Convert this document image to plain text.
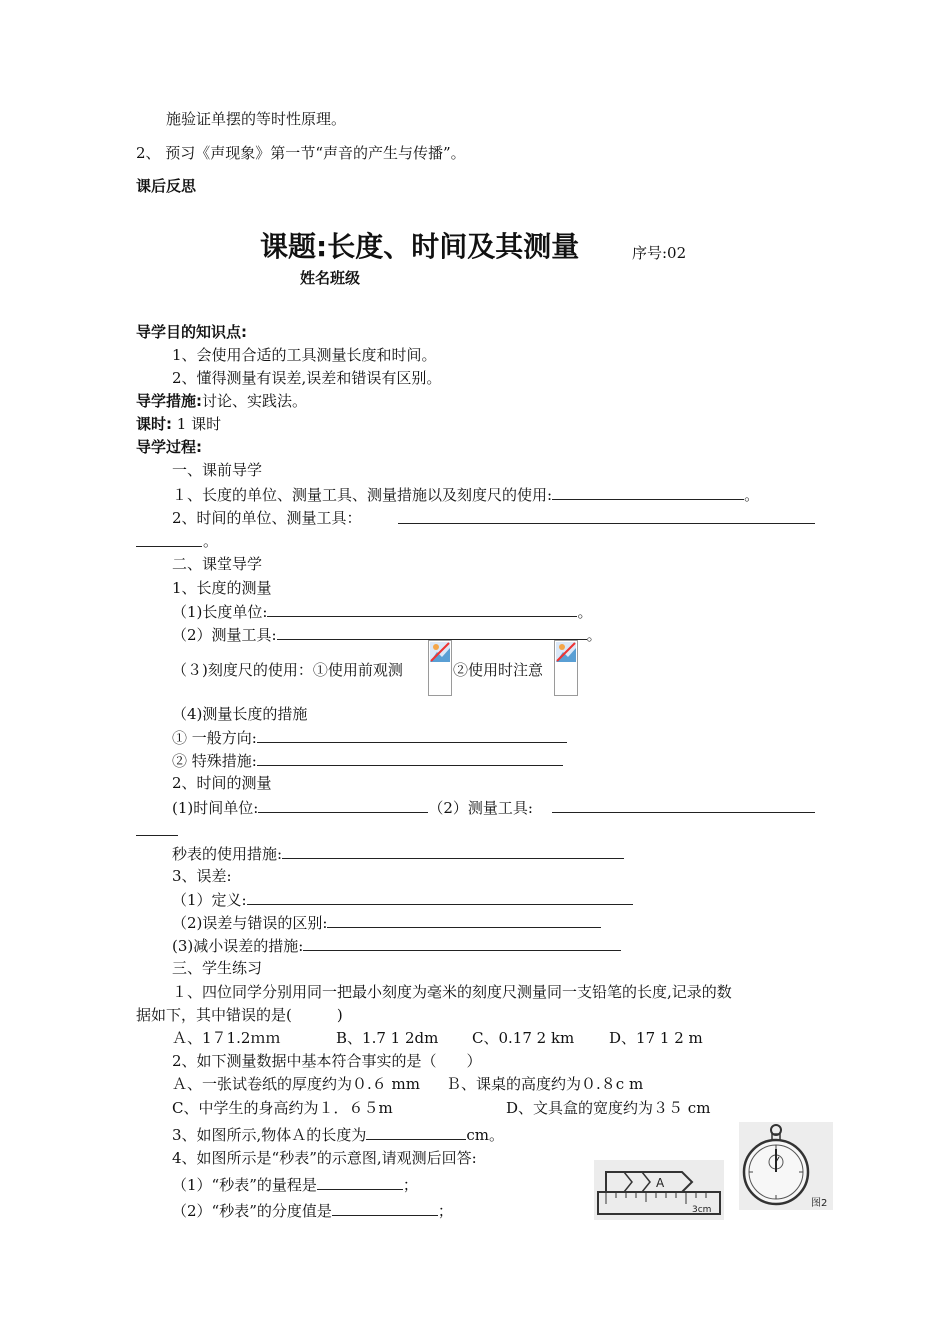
施验证单摆的等时性原理。
2、 预习《声现象》第一节“声音的产生与传播”。
课后反思
课题:长度、时间及其测量	序号:02
姓名班级
导学目的知识点:
1、会使用合适的工具测量长度和时间。
2、懂得测量有误差,误差和错误有区别。
导学措施:讨论、实践法。
课时: 1 课时
导学过程:
一、课前导学
１、长度的单位、测量工具、测量措施以及刻度尺的使用:	。
2、时间的单位、测量工具：
。
二、课堂导学
1、长度的测量
（1)长度单位:	。
（2）测量工具:	。
（３)刻度尺的使用：①使用前观测	②使用时注意
（4)测量长度的措施
① 一般方向:
② 特殊措施:
2、时间的测量
(1)时间单位:	（2）测量工具:
秒表的使用措施:
3、误差:
（1）定义:
（2)误差与错误的区别:
(3)减小误差的措施:
三、学生练习
１、四位同学分别用同一把最小刻度为毫米的刻度尺测量同一支铅笔的长度,记录的数
据如下，其中错误的是(　　　)
Ａ、1７1.2ｍｍ	B、1.7 1 2dm C、0.17 2 km D、17 1 2 m
2、如下测量数据中基本符合事实的是（　　）
Ａ、一张试卷纸的厚度约为０.６ mm Ｂ、课桌的高度约为０.８c m
C、中学生的身高约为１．６５m	D、文具盒的宽度约为３５ cm
3、如图所示,物体Ａ的长度为	cm。
4、如图所示是“秒表”的示意图,请观测后回答:
（1）“秒表”的量程是	；
（2）“秒表”的分度值是	；
A
3cm
图2
